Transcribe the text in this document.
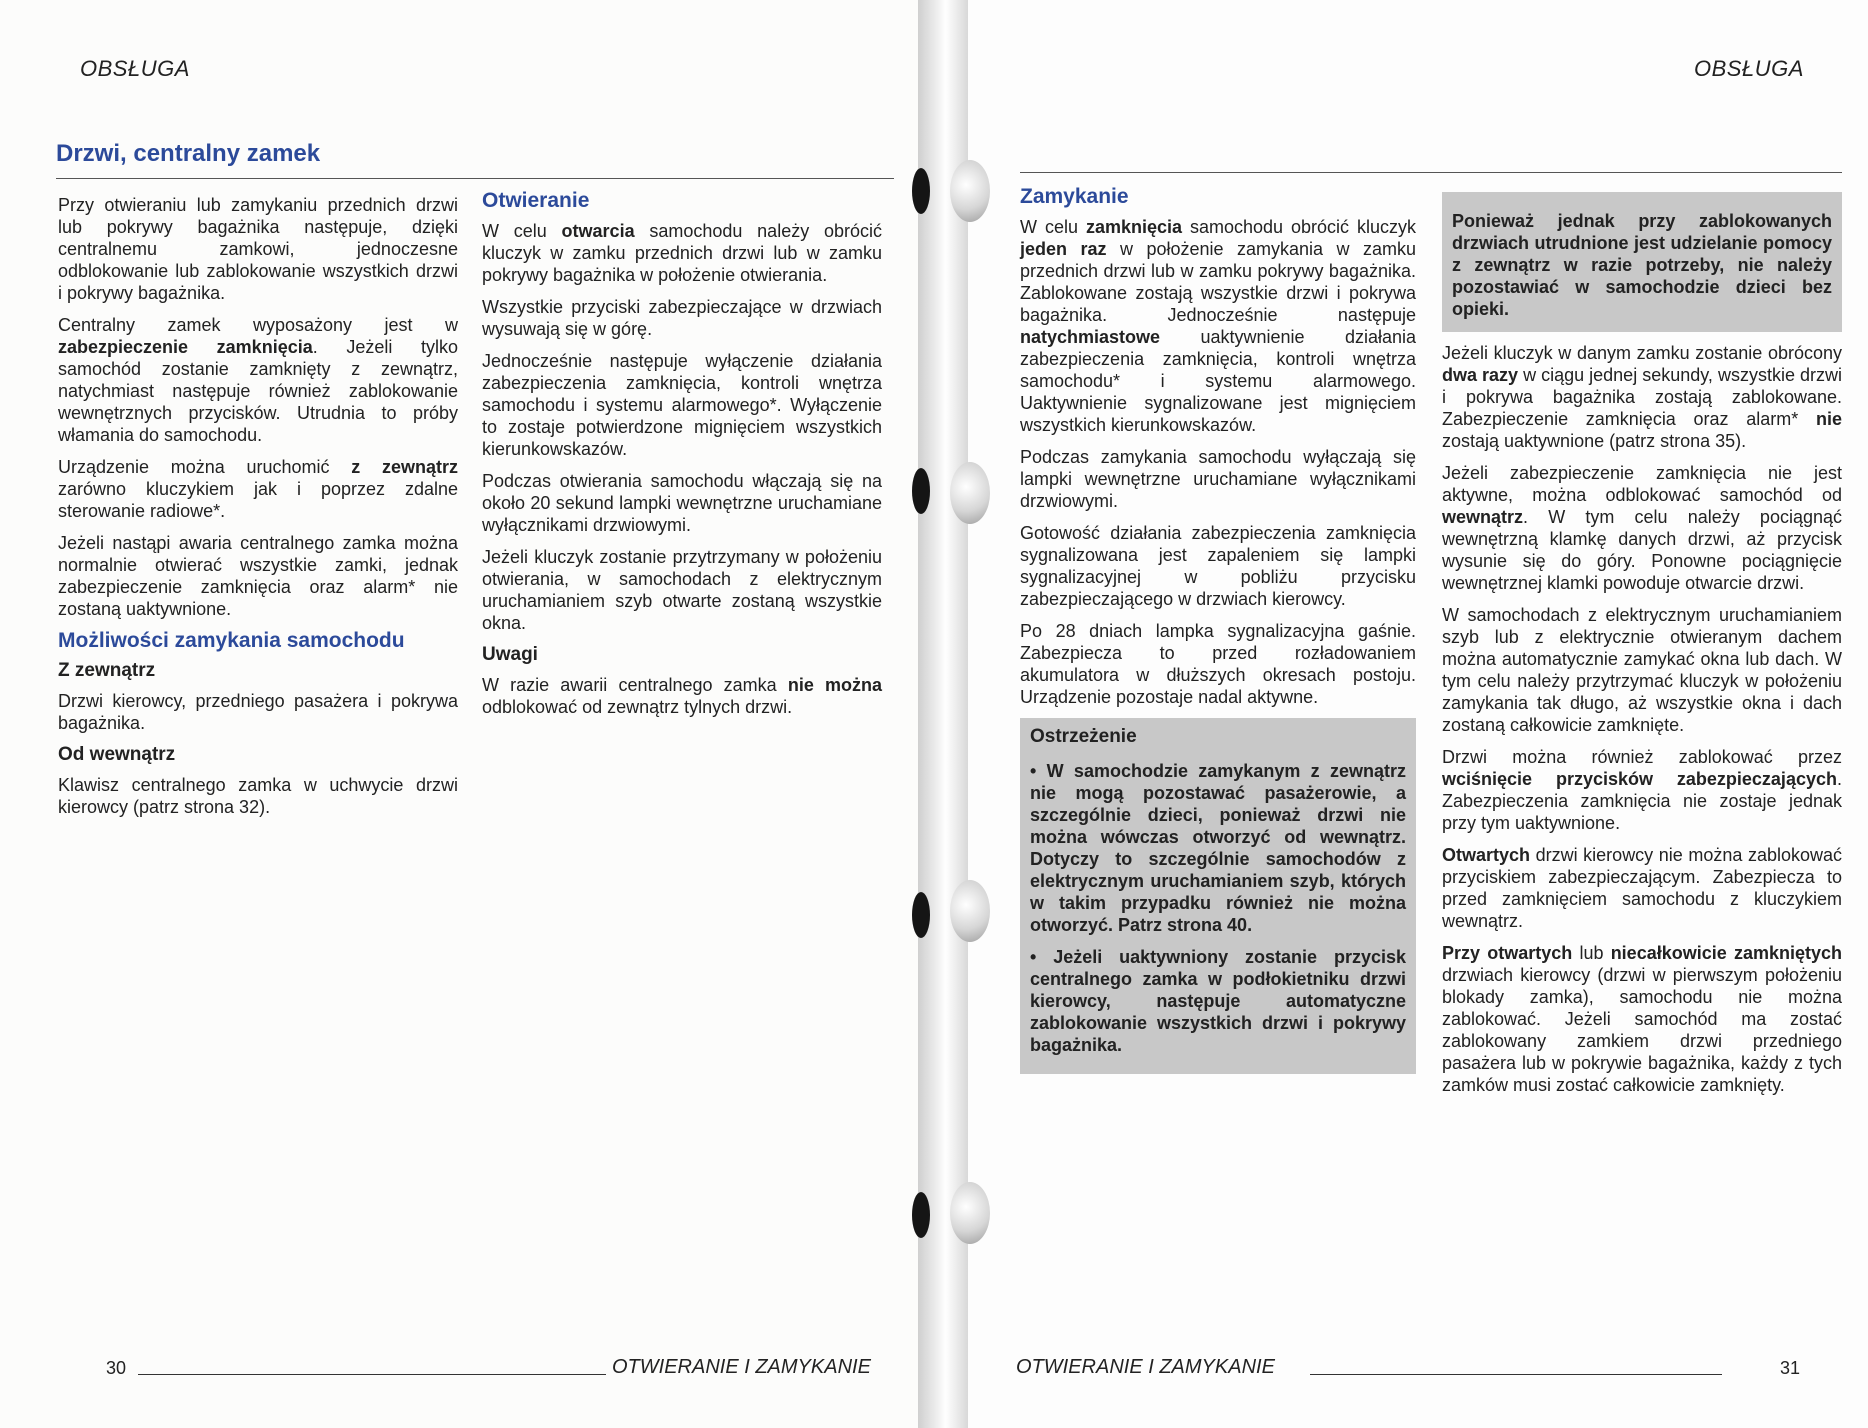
OBSŁUGA
Drzwi, centralny zamek

Przy otwieraniu lub zamykaniu przednich drzwi lub pokrywy bagażnika następuje, dzięki centralnemu zamkowi, jednoczesne odblokowanie lub zablokowanie wszystkich drzwi i pokrywy bagażnika.

Centralny zamek wyposażony jest w zabezpieczenie zamknięcia. Jeżeli tylko samochód zostanie zamknięty z zewnątrz, natychmiast następuje również zablokowanie wewnętrznych przycisków. Utrudnia to próby włamania do samochodu.

Urządzenie można uruchomić z zewnątrz zarówno kluczykiem jak i poprzez zdalne sterowanie radiowe*.

Jeżeli nastąpi awaria centralnego zamka można normalnie otwierać wszystkie zamki, jednak zabezpieczenie zamknięcia oraz alarm* nie zostaną uaktywnione.

Możliwości zamykania samochodu
Z zewnątrz

Drzwi kierowcy, przedniego pasażera i pokrywa bagażnika.

Od wewnątrz

Klawisz centralnego zamka w uchwycie drzwi kierowcy (patrz strona 32).

Otwieranie

W celu otwarcia samochodu należy obrócić kluczyk w zamku przednich drzwi lub w zamku pokrywy bagażnika w położenie otwierania.

Wszystkie przyciski zabezpieczające w drzwiach wysuwają się w górę.

Jednocześnie następuje wyłączenie działania zabezpieczenia zamknięcia, kontroli wnętrza samochodu i systemu alarmowego*. Wyłączenie to zostaje potwierdzone mignięciem wszystkich kierunkowskazów.

Podczas otwierania samochodu włączają się na około 20 sekund lampki wewnętrzne uruchamiane wyłącznikami drzwiowymi.

Jeżeli kluczyk zostanie przytrzymany w położeniu otwierania, w samochodach z elektrycznym uruchamianiem szyb otwarte zostaną wszystkie okna.

Uwagi

W razie awarii centralnego zamka nie można odblokować od zewnątrz tylnych drzwi.

30	OTWIERANIE I ZAMYKANIE
OBSŁUGA
Zamykanie

W celu zamknięcia samochodu obrócić kluczyk jeden raz w położenie zamykania w zamku przednich drzwi lub w zamku pokrywy bagażnika. Zablokowane zostają wszystkie drzwi i pokrywa bagażnika. Jednocześnie następuje natychmiastowe uaktywnienie działania zabezpieczenia zamknięcia, kontroli wnętrza samochodu* i systemu alarmowego. Uaktywnienie sygnalizowane jest mignięciem wszystkich kierunkowskazów.

Podczas zamykania samochodu wyłączają się lampki wewnętrzne uruchamiane wyłącznikami drzwiowymi.

Gotowość działania zabezpieczenia zamknięcia sygnalizowana jest zapaleniem się lampki sygnalizacyjnej w pobliżu przycisku zabezpieczającego w drzwiach kierowcy.

Po 28 dniach lampka sygnalizacyjna gaśnie. Zabezpiecza to przed rozładowaniem akumulatora w dłuższych okresach postoju. Urządzenie pozostaje nadal aktywne.

Ostrzeżenie

• W samochodzie zamykanym z zewnątrz nie mogą pozostawać pasażerowie, a szczególnie dzieci, ponieważ drzwi nie można wówczas otworzyć od wewnątrz. Dotyczy to szczególnie samochodów z elektrycznym uruchamianiem szyb, których w takim przypadku również nie można otworzyć. Patrz strona 40.

• Jeżeli uaktywniony zostanie przycisk centralnego zamka w podłokietniku drzwi kierowcy, następuje automatyczne zablokowanie wszystkich drzwi i pokrywy bagażnika.

Ponieważ jednak przy zablokowanych drzwiach utrudnione jest udzielanie pomocy z zewnątrz w razie potrzeby, nie należy pozostawiać w samochodzie dzieci bez opieki.

Jeżeli kluczyk w danym zamku zostanie obrócony dwa razy w ciągu jednej sekundy, wszystkie drzwi i pokrywa bagażnika zostają zablokowane. Zabezpieczenie zamknięcia oraz alarm* nie zostają uaktywnione (patrz strona 35).

Jeżeli zabezpieczenie zamknięcia nie jest aktywne, można odblokować samochód od wewnątrz. W tym celu należy pociągnąć wewnętrzną klamkę danych drzwi, aż przycisk wysunie się do góry. Ponowne pociągnięcie wewnętrznej klamki powoduje otwarcie drzwi.

W samochodach z elektrycznym uruchamianiem szyb lub z elektrycznie otwieranym dachem można automatycznie zamykać okna lub dach. W tym celu należy przytrzymać kluczyk w położeniu zamykania tak długo, aż wszystkie okna i dach zostaną całkowicie zamknięte.

Drzwi można również zablokować przez wciśnięcie przycisków zabezpieczających. Zabezpieczenia zamknięcia nie zostaje jednak przy tym uaktywnione.

Otwartych drzwi kierowcy nie można zablokować przyciskiem zabezpieczającym. Zabezpiecza to przed zamknięciem samochodu z kluczykiem wewnątrz.

Przy otwartych lub niecałkowicie zamkniętych drzwiach kierowcy (drzwi w pierwszym położeniu blokady zamka), samochodu nie można zablokować. Jeżeli samochód ma zostać zablokowany zamkiem drzwi przedniego pasażera lub w pokrywie bagażnika, każdy z tych zamków musi zostać całkowicie zamknięty.

OTWIERANIE I ZAMYKANIE	31
